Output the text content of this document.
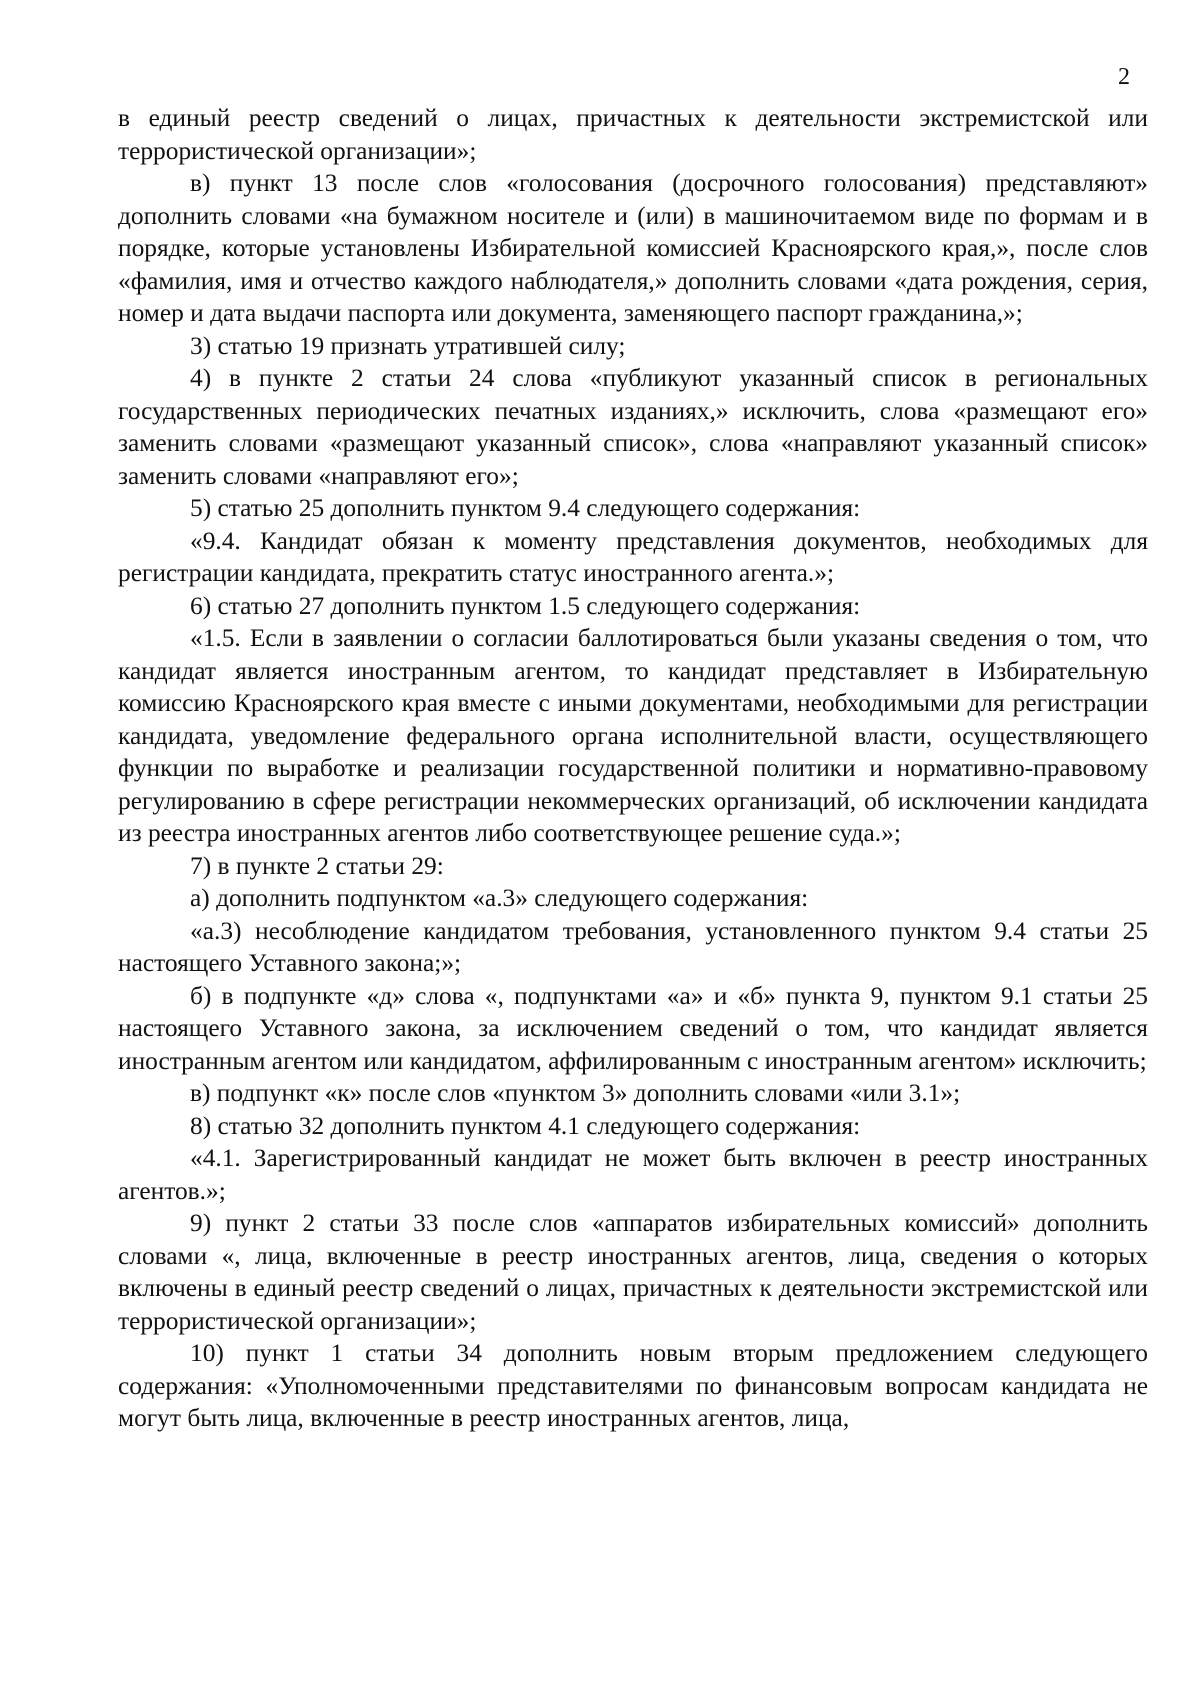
2

в единый реестр сведений о лицах, причастных к деятельности экстремистской или террористической организации»;

в) пункт 13 после слов «голосования (досрочного голосования) представляют» дополнить словами «на бумажном носителе и (или) в машиночитаемом виде по формам и в порядке, которые установлены Избирательной комиссией Красноярского края,», после слов «фамилия, имя и отчество каждого наблюдателя,» дополнить словами «дата рождения, серия, номер и дата выдачи паспорта или документа, заменяющего паспорт гражданина,»;

3) статью 19 признать утратившей силу;

4) в пункте 2 статьи 24 слова «публикуют указанный список в региональных государственных периодических печатных изданиях,» исключить, слова «размещают его» заменить словами «размещают указанный список», слова «направляют указанный список» заменить словами «направляют его»;

5) статью 25 дополнить пунктом 9.4 следующего содержания:

«9.4. Кандидат обязан к моменту представления документов, необходимых для регистрации кандидата, прекратить статус иностранного агента.»;

6) статью 27 дополнить пунктом 1.5 следующего содержания:

«1.5. Если в заявлении о согласии баллотироваться были указаны сведения о том, что кандидат является иностранным агентом, то кандидат представляет в Избирательную комиссию Красноярского края вместе с иными документами, необходимыми для регистрации кандидата, уведомление федерального органа исполнительной власти, осуществляющего функции по выработке и реализации государственной политики и нормативно-правовому регулированию в сфере регистрации некоммерческих организаций, об исключении кандидата из реестра иностранных агентов либо соответствующее решение суда.»;

7) в пункте 2 статьи 29:

а) дополнить подпунктом «а.3» следующего содержания:

«а.3) несоблюдение кандидатом требования, установленного пунктом 9.4 статьи 25 настоящего Уставного закона;»;

б) в подпункте «д» слова «, подпунктами «а» и «б» пункта 9, пунктом 9.1 статьи 25 настоящего Уставного закона, за исключением сведений о том, что кандидат является иностранным агентом или кандидатом, аффилированным с иностранным агентом» исключить;

в) подпункт «к» после слов «пунктом 3» дополнить словами «или 3.1»;

8) статью 32 дополнить пунктом 4.1 следующего содержания:

«4.1. Зарегистрированный кандидат не может быть включен в реестр иностранных агентов.»;

9) пункт 2 статьи 33 после слов «аппаратов избирательных комиссий» дополнить словами «, лица, включенные в реестр иностранных агентов, лица, сведения о которых включены в единый реестр сведений о лицах, причастных к деятельности экстремистской или террористической организации»;

10) пункт 1 статьи 34 дополнить новым вторым предложением следующего содержания: «Уполномоченными представителями по финансовым вопросам кандидата не могут быть лица, включенные в реестр иностранных агентов, лица,
